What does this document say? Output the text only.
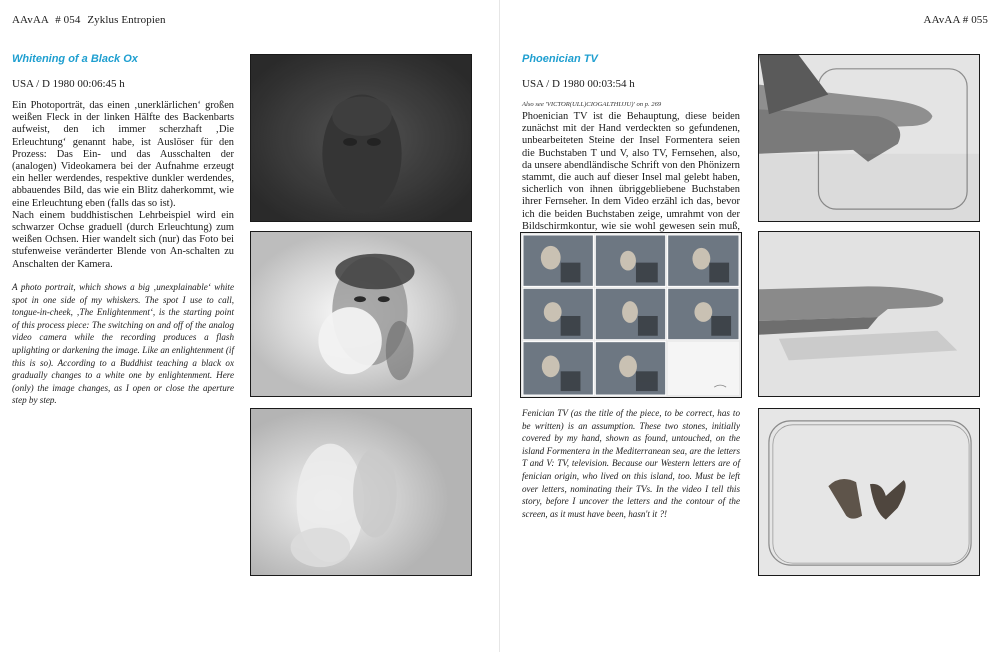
AAvAA # 054 Zyklus Entropien
Whitening of a Black Ox
USA / D 1980 00:06:45 h

Ein Photoporträt, das einen ‚unerklärlichen‘ großen weißen Fleck in der linken Hälfte des Backenbarts aufweist, den ich immer scherzhaft ‚Die Erleuchtung‘ genannt habe, ist Auslöser für den Prozess: Das Ein- und das Ausschalten der (analogen) Videokamera bei der Aufnahme erzeugt ein heller werdendes, respektive dunkler werdendes, abbauendes Bild, das wie ein Blitz daherkommt, wie eine Erleuchtung eben (falls das so ist).

Nach einem buddhistischen Lehrbeispiel wird ein schwarzer Ochse graduell (durch Erleuchtung) zum weißen Ochsen. Hier wandelt sich (nur) das Foto bei stufenweise veränderter Blende von An-schalten zu Anschalten der Kamera.

A photo portrait, which shows a big ‚unexplainable‘ white spot in one side of my whiskers. The spot I use to call, tongue-in-cheek, ‚The Enlightenment‘, is the starting point of this process piece: The switching on and off of the analog video camera while the recording produces a flash uplighting or darkening the image. Like an enlightenment (if this is so). According to a Buddhist teaching a black ox gradually changes to a white one by enlightenment. Here (only) the image changes, as I open or close the aperture step by step.
AAvAA # 055
Phoenician TV
USA / D 1980 00:03:54 h
Also see 'VICTOR(ULL)CIOGALTHIJJU)' on p. 269
Phoenician TV ist die Behauptung, diese beiden zunächst mit der Hand verdeckten so gefundenen, unbearbeiteten Steine der Insel Formentera seien die Buchstaben T und V, also TV, Fernsehen, also, da unsere abendländische Schrift von den Phönizern stammt, die auch auf dieser Insel mal gelebt haben, sicherlich von ihnen übriggebliebene Buchstaben ihrer Fernseher. In dem Video erzähl ich das, bevor ich die beiden Buchstaben zeige, umrahmt von der Bildschirmkontur, wie sie wohl gewesen sein muß,
Fenician TV (as the title of the piece, to be correct, has to be written) is an assumption. These two stones, initially covered by my hand, shown as found, untouched, on the island Formentera in the Mediterranean sea, are the letters T and V: TV, television. Because our Western letters are of fenician origin, who lived on this island, too. Must be left over letters, nominating their TVs. In the video I tell this story, before I uncover the letters and the contour of the screen, as it must have been, hasn't it ?!
